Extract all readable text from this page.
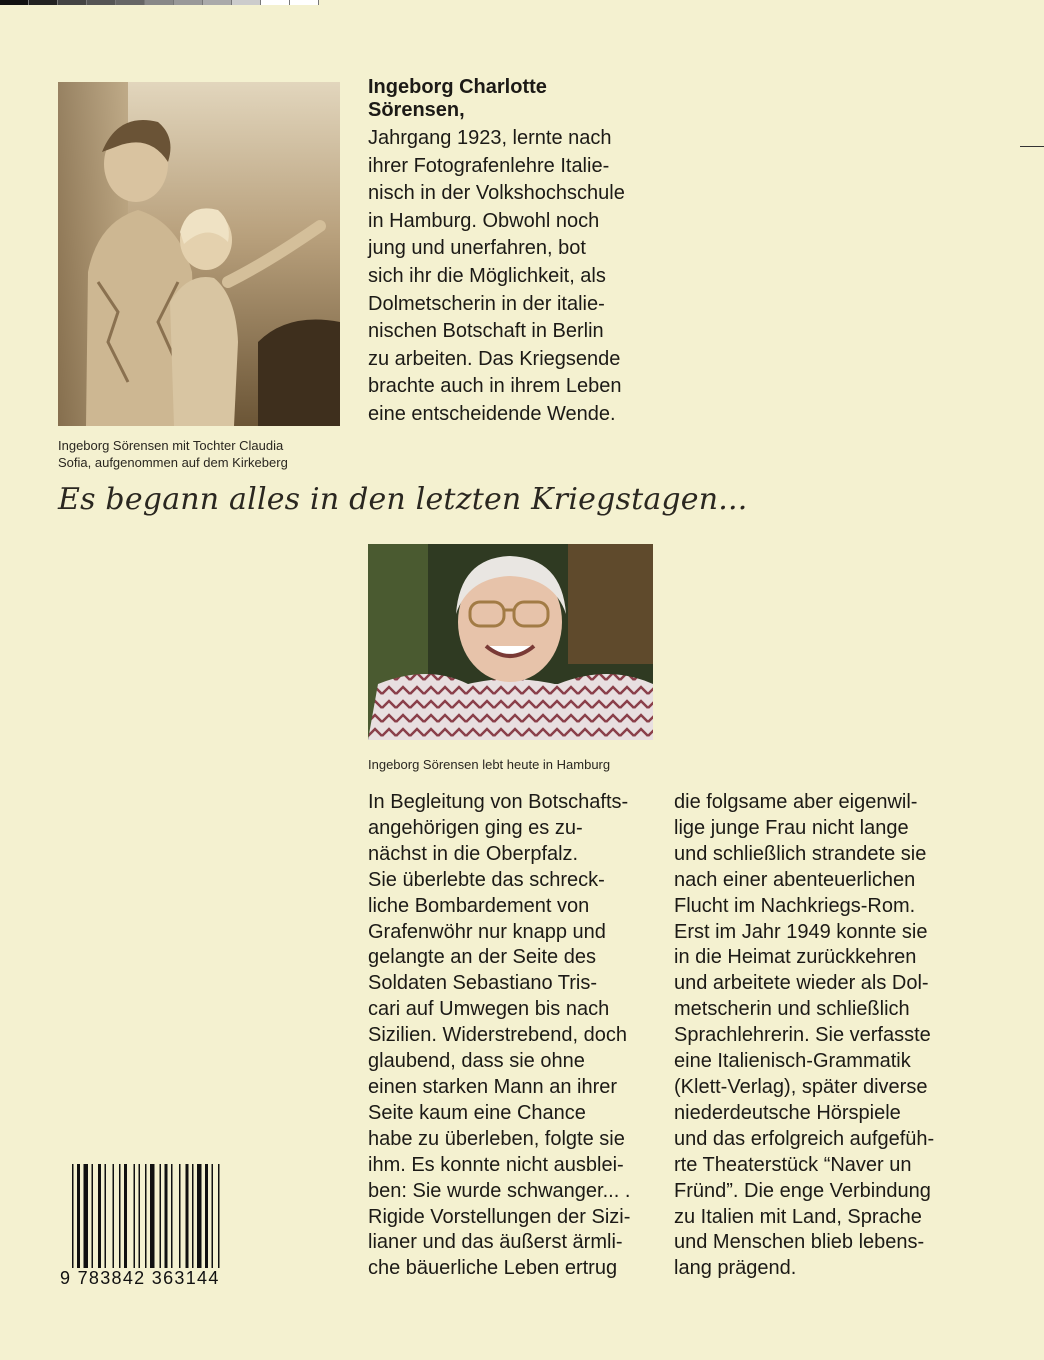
Ingeborg Sörensen mit Tochter Claudia
Sofia, aufgenommen auf dem Kirkeberg

Ingeborg Charlotte
Sörensen,

Jahrgang 1923, lernte nach
ihrer Fotografenlehre Italie-
nisch in der Volkshochschule
in Hamburg. Obwohl noch
jung und unerfahren, bot
sich ihr die Möglichkeit, als
Dolmetscherin in der italie-
nischen Botschaft in Berlin
zu arbeiten. Das Kriegsende
brachte auch in ihrem Leben
eine entscheidende Wende.

Es begann alles in den letzten Kriegstagen...
Ingeborg Sörensen lebt heute in Hamburg

In Begleitung von Botschafts-
angehörigen ging es zu-
nächst in die Oberpfalz.
Sie überlebte das schreck-
liche Bombardement von
Grafenwöhr nur knapp und
gelangte an der Seite des
Soldaten Sebastiano Tris-
cari auf Umwegen bis nach
Sizilien. Widerstrebend, doch
glaubend, dass sie ohne
einen starken Mann an ihrer
Seite kaum eine Chance
habe zu überleben, folgte sie
ihm. Es konnte nicht ausblei-
ben: Sie wurde schwanger... .
Rigide Vorstellungen der Sizi-
lianer und das äußerst ärmli-
che bäuerliche Leben ertrug

die folgsame aber eigenwil-
lige junge Frau nicht lange
und schließlich strandete sie
nach einer abenteuerlichen
Flucht im Nachkriegs-Rom.
Erst im Jahr 1949 konnte sie
in die Heimat zurückkehren
und arbeitete wieder als Dol-
metscherin und schließlich
Sprachlehrerin. Sie verfasste
eine Italienisch-Grammatik
(Klett-Verlag), später diverse
niederdeutsche Hörspiele
und das erfolgreich aufgefüh-
rte Theaterstück “Naver un
Fründ”. Die enge Verbindung
zu Italien mit Land, Sprache
und Menschen blieb lebens-
lang prägend.

9 783842 363144
